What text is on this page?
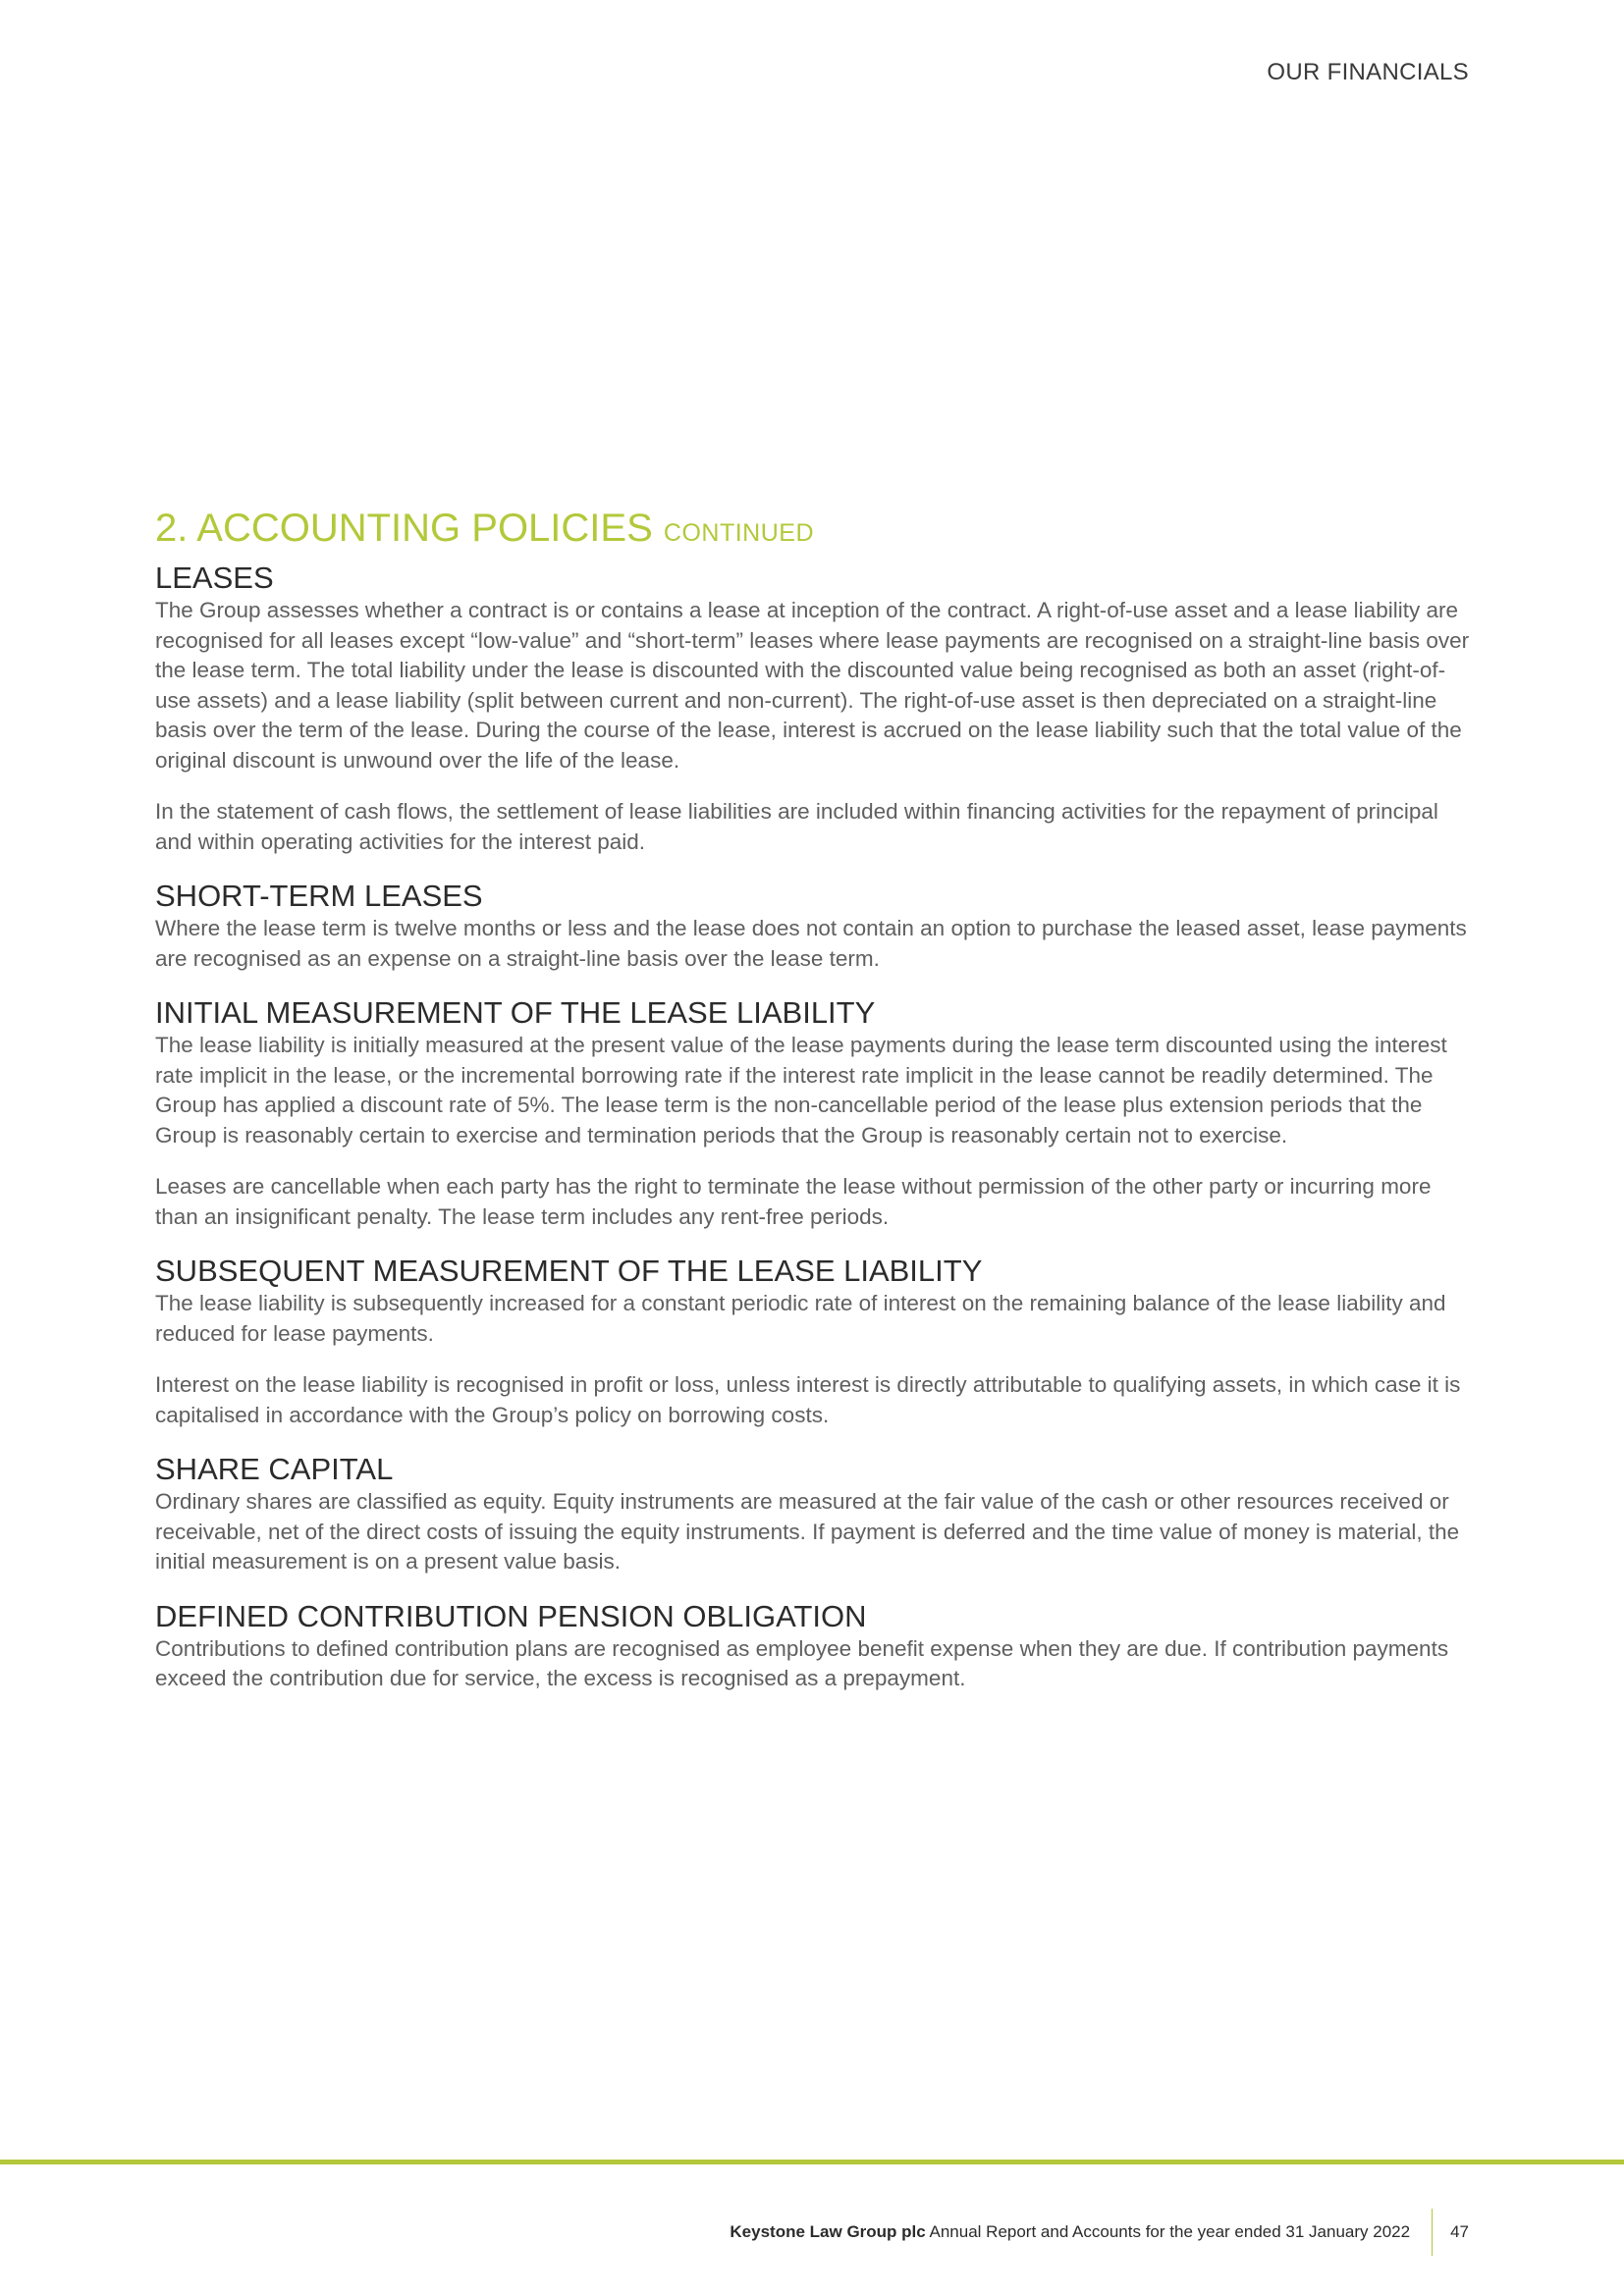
OUR FINANCIALS
2. ACCOUNTING POLICIES CONTINUED
LEASES

The Group assesses whether a contract is or contains a lease at inception of the contract. A right-of-use asset and a lease liability are recognised for all leases except “low-value” and “short-term” leases where lease payments are recognised on a straight-line basis over the lease term. The total liability under the lease is discounted with the discounted value being recognised as both an asset (right-of-use assets) and a lease liability (split between current and non-current). The right-of-use asset is then depreciated on a straight-line basis over the term of the lease. During the course of the lease, interest is accrued on the lease liability such that the total value of the original discount is unwound over the life of the lease.

In the statement of cash flows, the settlement of lease liabilities are included within financing activities for the repayment of principal and within operating activities for the interest paid.

SHORT-TERM LEASES

Where the lease term is twelve months or less and the lease does not contain an option to purchase the leased asset, lease payments are recognised as an expense on a straight-line basis over the lease term.

INITIAL MEASUREMENT OF THE LEASE LIABILITY

The lease liability is initially measured at the present value of the lease payments during the lease term discounted using the interest rate implicit in the lease, or the incremental borrowing rate if the interest rate implicit in the lease cannot be readily determined. The Group has applied a discount rate of 5%. The lease term is the non-cancellable period of the lease plus extension periods that the Group is reasonably certain to exercise and termination periods that the Group is reasonably certain not to exercise.

Leases are cancellable when each party has the right to terminate the lease without permission of the other party or incurring more than an insignificant penalty. The lease term includes any rent-free periods.

SUBSEQUENT MEASUREMENT OF THE LEASE LIABILITY

The lease liability is subsequently increased for a constant periodic rate of interest on the remaining balance of the lease liability and reduced for lease payments.

Interest on the lease liability is recognised in profit or loss, unless interest is directly attributable to qualifying assets, in which case it is capitalised in accordance with the Group’s policy on borrowing costs.

SHARE CAPITAL

Ordinary shares are classified as equity. Equity instruments are measured at the fair value of the cash or other resources received or receivable, net of the direct costs of issuing the equity instruments. If payment is deferred and the time value of money is material, the initial measurement is on a present value basis.

DEFINED CONTRIBUTION PENSION OBLIGATION

Contributions to defined contribution plans are recognised as employee benefit expense when they are due. If contribution payments exceed the contribution due for service, the excess is recognised as a prepayment.

Keystone Law Group plc Annual Report and Accounts for the year ended 31 January 2022 47
